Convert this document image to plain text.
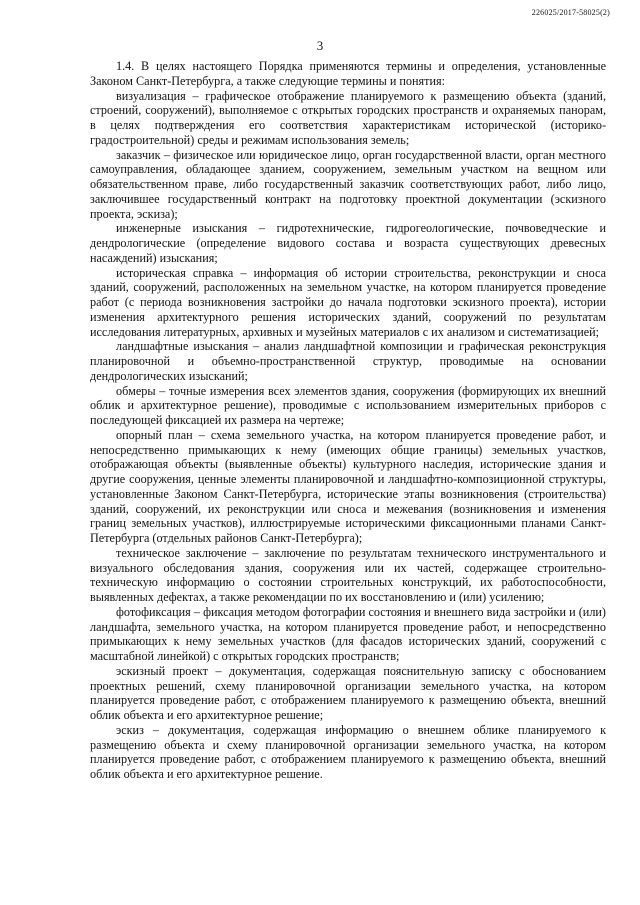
226025/2017-58025(2)
3

1.4. В целях настоящего Порядка применяются термины и определения, установленные Законом Санкт-Петербурга, а также следующие термины и понятия:

визуализация – графическое отображение планируемого к размещению объекта (зданий, строений, сооружений), выполняемое с открытых городских пространств и охраняемых панорам, в целях подтверждения его соответствия характеристикам исторической (историко-градостроительной) среды и режимам использования земель;

заказчик – физическое или юридическое лицо, орган государственной власти, орган местного самоуправления, обладающее зданием, сооружением, земельным участком на вещном или обязательственном праве, либо государственный заказчик соответствующих работ, либо лицо, заключившее государственный контракт на подготовку проектной документации (эскизного проекта, эскиза);

инженерные изыскания – гидротехнические, гидрогеологические, почвоведческие и дендрологические (определение видового состава и возраста существующих древесных насаждений) изыскания;

историческая справка – информация об истории строительства, реконструкции и сноса зданий, сооружений, расположенных на земельном участке, на котором планируется проведение работ (с периода возникновения застройки до начала подготовки эскизного проекта), истории изменения архитектурного решения исторических зданий, сооружений по результатам исследования литературных, архивных и музейных материалов с их анализом и систематизацией;

ландшафтные изыскания – анализ ландшафтной композиции и графическая реконструкция планировочной и объемно-пространственной структур, проводимые на основании дендрологических изысканий;

обмеры – точные измерения всех элементов здания, сооружения (формирующих их внешний облик и архитектурное решение), проводимые с использованием измерительных приборов с последующей фиксацией их размера на чертеже;

опорный план – схема земельного участка, на котором планируется проведение работ, и непосредственно примыкающих к нему (имеющих общие границы) земельных участков, отображающая объекты (выявленные объекты) культурного наследия, исторические здания и другие сооружения, ценные элементы планировочной и ландшафтно-композиционной структуры, установленные Законом Санкт-Петербурга, исторические этапы возникновения (строительства) зданий, сооружений, их реконструкции или сноса и межевания (возникновения и изменения границ земельных участков), иллюстрируемые историческими фиксационными планами Санкт-Петербурга (отдельных районов Санкт-Петербурга);

техническое заключение – заключение по результатам технического инструментального и визуального обследования здания, сооружения или их частей, содержащее строительно-техническую информацию о состоянии строительных конструкций, их работоспособности, выявленных дефектах, а также рекомендации по их восстановлению и (или) усилению;

фотофиксация – фиксация методом фотографии состояния и внешнего вида застройки и (или) ландшафта, земельного участка, на котором планируется проведение работ, и непосредственно примыкающих к нему земельных участков (для фасадов исторических зданий, сооружений с масштабной линейкой) с открытых городских пространств;

эскизный проект – документация, содержащая пояснительную записку с обоснованием проектных решений, схему планировочной организации земельного участка, на котором планируется проведение работ, с отображением планируемого к размещению объекта, внешний облик объекта и его архитектурное решение;

эскиз – документация, содержащая информацию о внешнем облике планируемого к размещению объекта и схему планировочной организации земельного участка, на котором планируется проведение работ, с отображением планируемого к размещению объекта, внешний облик объекта и его архитектурное решение.
